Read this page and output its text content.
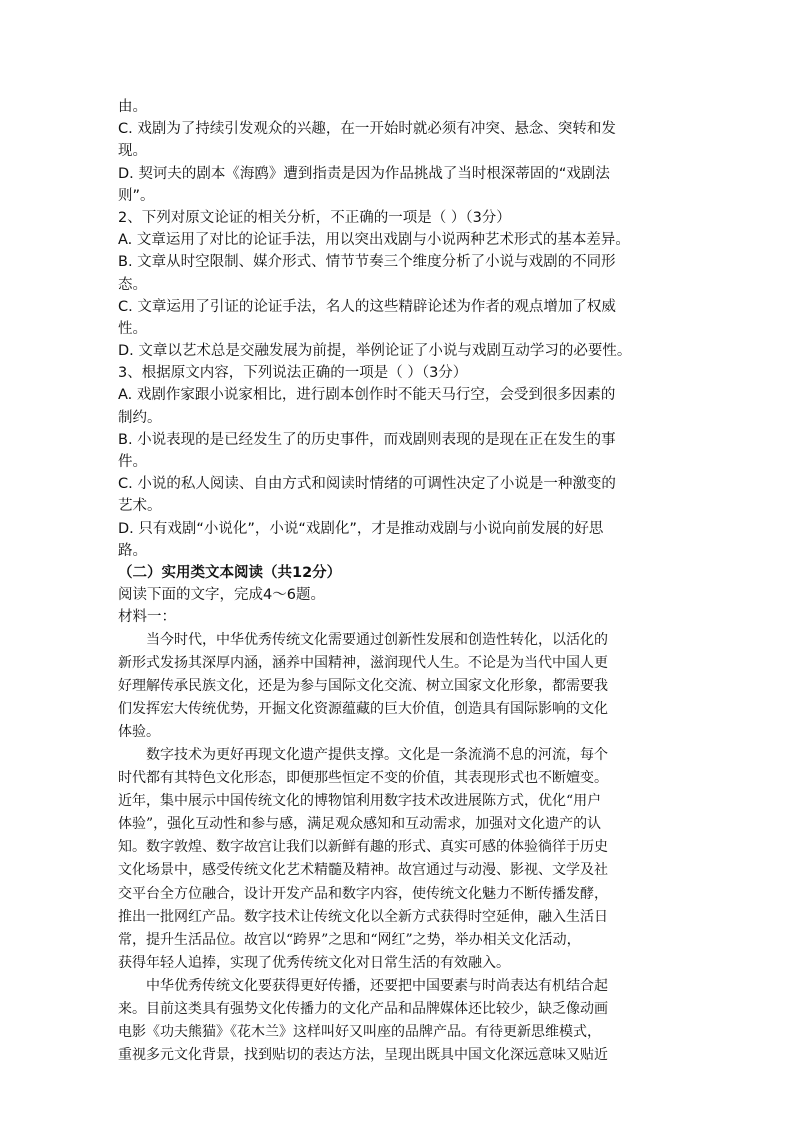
由。
C. 戏剧为了持续引发观众的兴趣，在一开始时就必须有冲突、悬念、突转和发
现。
D. 契诃夫的剧本《海鸥》遭到指责是因为作品挑战了当时根深蒂固的“戏剧法
则”。
2、下列对原文论证的相关分析，不正确的一项是（ ）（3分）
A. 文章运用了对比的论证手法，用以突出戏剧与小说两种艺术形式的基本差异。
B. 文章从时空限制、媒介形式、情节节奏三个维度分析了小说与戏剧的不同形
态。
C. 文章运用了引证的论证手法，名人的这些精辟论述为作者的观点增加了权威
性。
D. 文章以艺术总是交融发展为前提，举例论证了小说与戏剧互动学习的必要性。
3、根据原文内容，下列说法正确的一项是（ ）（3分）
A. 戏剧作家跟小说家相比，进行剧本创作时不能天马行空，会受到很多因素的
制约。
B. 小说表现的是已经发生了的历史事件，而戏剧则表现的是现在正在发生的事
件。
C. 小说的私人阅读、自由方式和阅读时情绪的可调性决定了小说是一种激变的
艺术。
D. 只有戏剧“小说化”，小说“戏剧化”，才是推动戏剧与小说向前发展的好思
路。
（二）实用类文本阅读（共12分）
阅读下面的文字，完成4～6题。
材料一：
当今时代，中华优秀传统文化需要通过创新性发展和创造性转化，以活化的
新形式发扬其深厚内涵，涵养中国精神，滋润现代人生。不论是为当代中国人更
好理解传承民族文化，还是为参与国际文化交流、树立国家文化形象，都需要我
们发挥宏大传统优势，开掘文化资源蕴藏的巨大价值，创造具有国际影响的文化
体验。
数字技术为更好再现文化遗产提供支撑。文化是一条流淌不息的河流，每个
时代都有其特色文化形态，即便那些恒定不变的价值，其表现形式也不断嬗变。
近年，集中展示中国传统文化的博物馆利用数字技术改进展陈方式，优化“用户
体验”，强化互动性和参与感，满足观众感知和互动需求，加强对文化遗产的认
知。数字敦煌、数字故宫让我们以新鲜有趣的形式、真实可感的体验徜徉于历史
文化场景中，感受传统文化艺术精髓及精神。故宫通过与动漫、影视、文学及社
交平台全方位融合，设计开发产品和数字内容，使传统文化魅力不断传播发酵，
推出一批网红产品。数字技术让传统文化以全新方式获得时空延伸，融入生活日
常，提升生活品位。故宫以“跨界”之思和“网红”之势，举办相关文化活动，
获得年轻人追捧，实现了优秀传统文化对日常生活的有效融入。
中华优秀传统文化要获得更好传播，还要把中国要素与时尚表达有机结合起
来。目前这类具有强势文化传播力的文化产品和品牌媒体还比较少，缺乏像动画
电影《功夫熊猫》《花木兰》这样叫好又叫座的品牌产品。有待更新思维模式，
重视多元文化背景，找到贴切的表达方法，呈现出既具中国文化深远意味又贴近
